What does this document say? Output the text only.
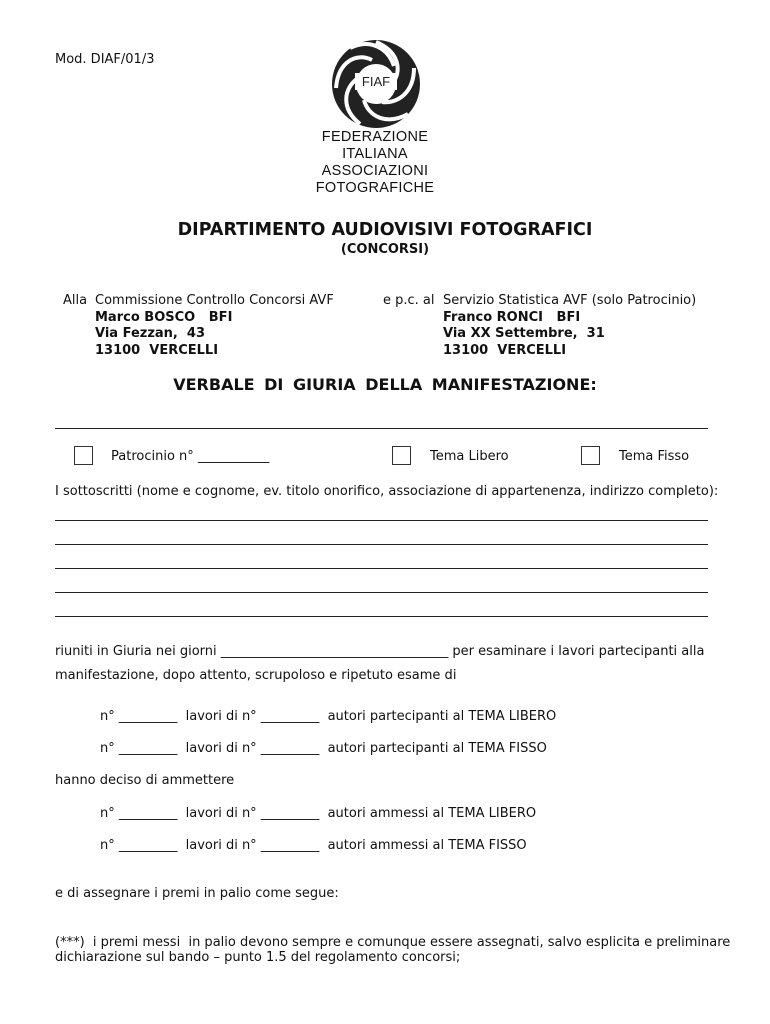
Mod. DIAF/01/3
FIAF
FEDERAZIONE
ITALIANA
ASSOCIAZIONI
FOTOGRAFICHE
DIPARTIMENTO AUDIOVISIVI FOTOGRAFICI
(CONCORSI)
Alla Commissione Controllo Concorsi AVF
Marco BOSCO   BFI
Via Fezzan,  43
13100  VERCELLI
e p.c. al Servizio Statistica AVF (solo Patrocinio)
Franco RONCI   BFI
Via XX Settembre,  31
13100  VERCELLI
VERBALE DI GIURIA DELLA MANIFESTAZIONE:
Patrocinio n° ___________	Tema Libero	Tema Fisso
I sottoscritti (nome e cognome, ev. titolo onorifico, associazione di appartenenza, indirizzo completo):
riuniti in Giuria nei giorni ___________________________________ per esaminare i lavori partecipanti alla
manifestazione, dopo attento, scrupoloso e ripetuto esame di
n° _________  lavori di n° _________  autori partecipanti al TEMA LIBERO
n° _________  lavori di n° _________  autori partecipanti al TEMA FISSO
hanno deciso di ammettere
n° _________  lavori di n° _________  autori ammessi al TEMA LIBERO
n° _________  lavori di n° _________  autori ammessi al TEMA FISSO
e di assegnare i premi in palio come segue:
(***)  i premi messi  in palio devono sempre e comunque essere assegnati, salvo esplicita e preliminare
dichiarazione sul bando – punto 1.5 del regolamento concorsi;
